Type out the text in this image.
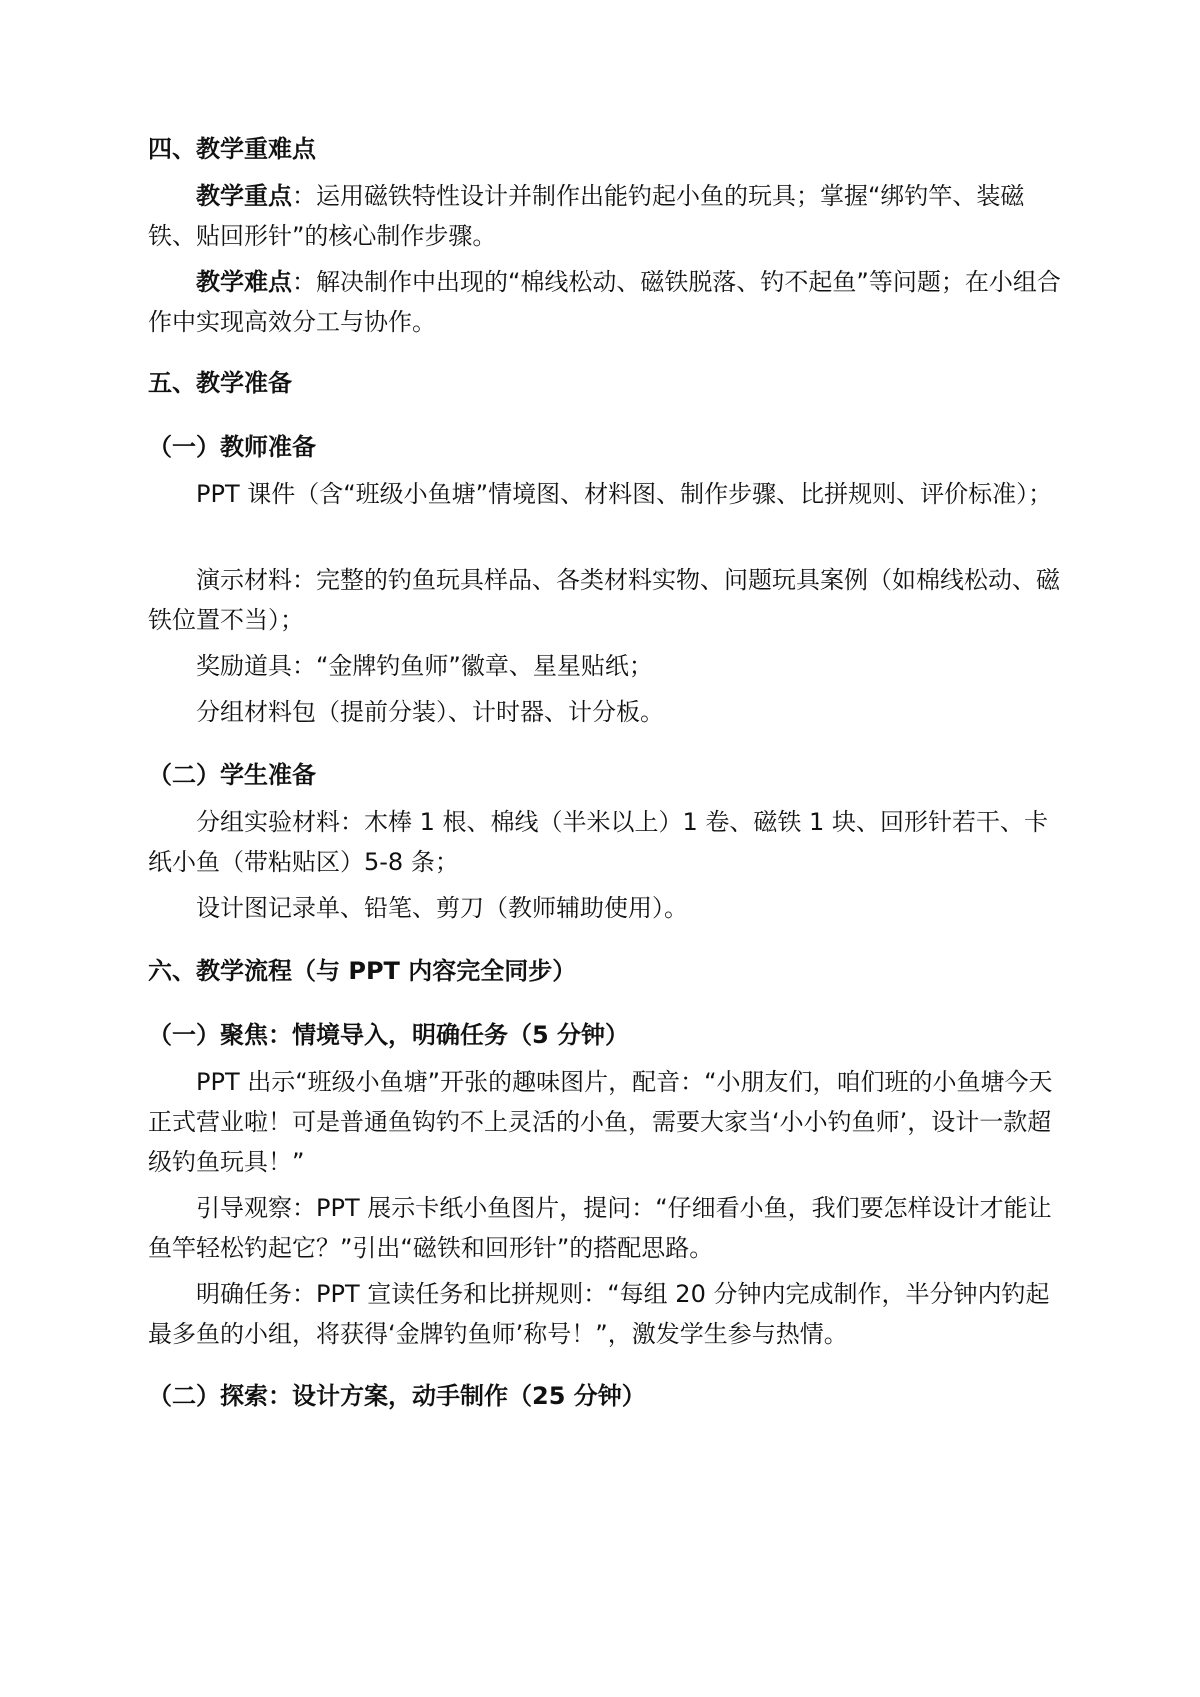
四、教学重难点
教学重点：运用磁铁特性设计并制作出能钓起小鱼的玩具；掌握“绑钓竿、装磁铁、贴回形针”的核心制作步骤。
教学难点：解决制作中出现的“棉线松动、磁铁脱落、钓不起鱼”等问题；在小组合作中实现高效分工与协作。
五、教学准备
（一）教师准备
PPT 课件（含“班级小鱼塘”情境图、材料图、制作步骤、比拼规则、评价标准）；
演示材料：完整的钓鱼玩具样品、各类材料实物、问题玩具案例（如棉线松动、磁铁位置不当）；
奖励道具：“金牌钓鱼师”徽章、星星贴纸；
分组材料包（提前分装）、计时器、计分板。
（二）学生准备
分组实验材料：木棒 1 根、棉线（半米以上）1 卷、磁铁 1 块、回形针若干、卡纸小鱼（带粘贴区）5-8 条；
设计图记录单、铅笔、剪刀（教师辅助使用）。
六、教学流程（与 PPT 内容完全同步）
（一）聚焦：情境导入，明确任务（5 分钟）
PPT 出示“班级小鱼塘”开张的趣味图片，配音：“小朋友们，咱们班的小鱼塘今天正式营业啦！可是普通鱼钩钓不上灵活的小鱼，需要大家当‘小小钓鱼师’，设计一款超级钓鱼玩具！”
引导观察：PPT 展示卡纸小鱼图片，提问：“仔细看小鱼，我们要怎样设计才能让鱼竿轻松钓起它？”引出“磁铁和回形针”的搭配思路。
明确任务：PPT 宣读任务和比拼规则：“每组 20 分钟内完成制作，半分钟内钓起最多鱼的小组，将获得‘金牌钓鱼师’称号！”，激发学生参与热情。
（二）探索：设计方案，动手制作（25 分钟）
